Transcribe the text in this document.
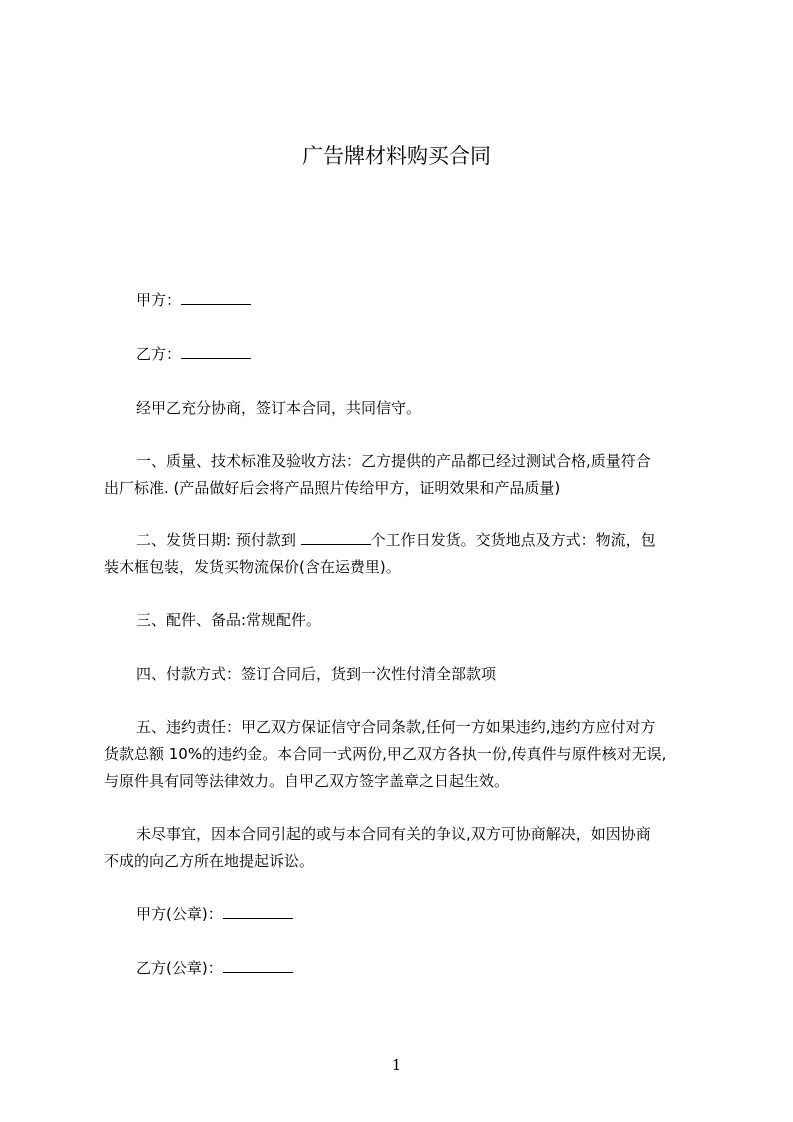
广告牌材料购买合同

甲方：

乙方：

经甲乙充分协商，签订本合同，共同信守。

一、质量、技术标准及验收方法：乙方提供的产品都已经过测试合格,质量符合

出厂标准. (产品做好后会将产品照片传给甲方，证明效果和产品质量)

二、发货日期: 预付款到	个工作日发货。交货地点及方式：物流，包

装木框包装，发货买物流保价(含在运费里)。

三、配件、备品:常规配件。

四、付款方式：签订合同后，货到一次性付清全部款项

五、违约责任：甲乙双方保证信守合同条款,任何一方如果违约,违约方应付对方

货款总额 10%的违约金。本合同一式两份,甲乙双方各执一份,传真件与原件核对无误,

与原件具有同等法律效力。自甲乙双方签字盖章之日起生效。

未尽事宜，因本合同引起的或与本合同有关的争议,双方可协商解决，如因协商

不成的向乙方所在地提起诉讼。

甲方(公章)：

乙方(公章)：

1
